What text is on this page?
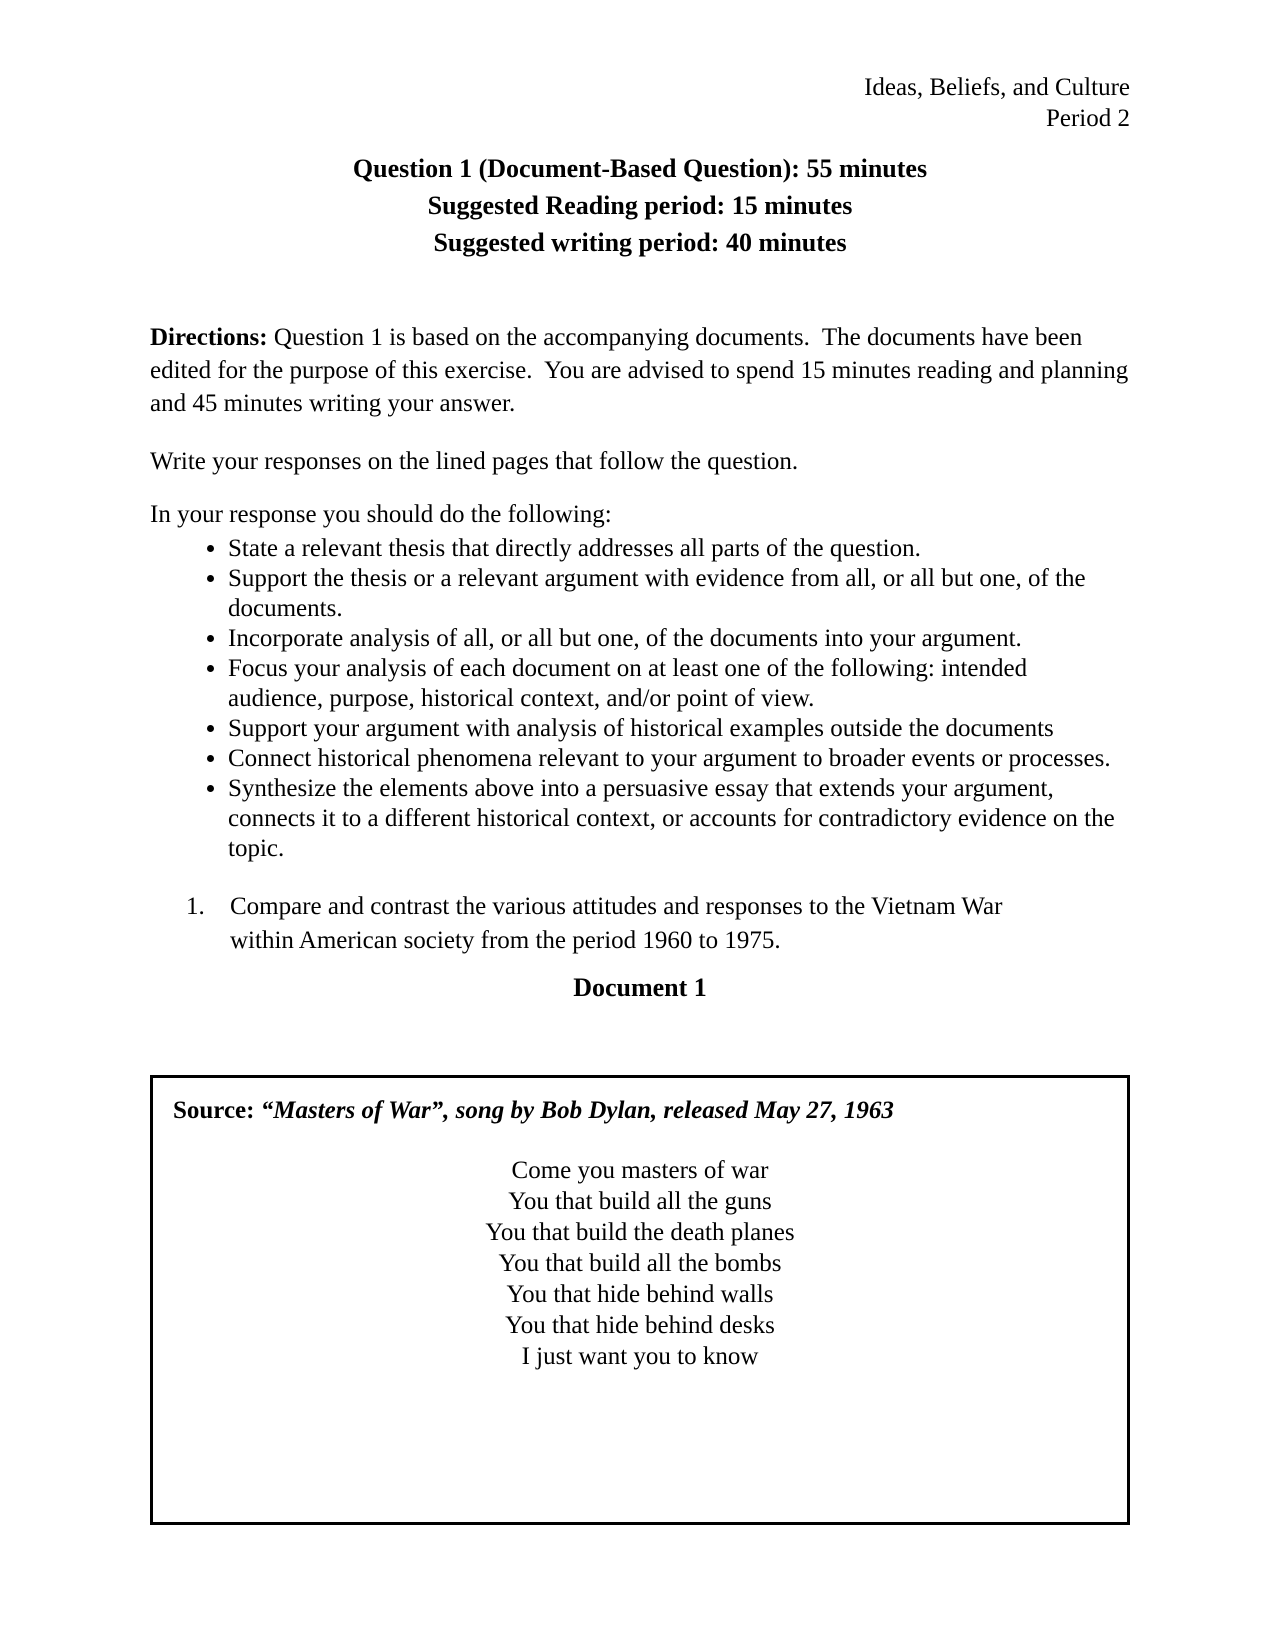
Ideas, Beliefs, and Culture
Period 2
Question 1 (Document-Based Question): 55 minutes
Suggested Reading period: 15 minutes
Suggested writing period: 40 minutes

Directions: Question 1 is based on the accompanying documents.  The documents have been edited for the purpose of this exercise.  You are advised to spend 15 minutes reading and planning and 45 minutes writing your answer.

Write your responses on the lined pages that follow the question.

In your response you should do the following:

• State a relevant thesis that directly addresses all parts of the question.
• Support the thesis or a relevant argument with evidence from all, or all but one, of the documents.
• Incorporate analysis of all, or all but one, of the documents into your argument.
• Focus your analysis of each document on at least one of the following: intended audience, purpose, historical context, and/or point of view.
• Support your argument with analysis of historical examples outside the documents
• Connect historical phenomena relevant to your argument to broader events or processes.
• Synthesize the elements above into a persuasive essay that extends your argument, connects it to a different historical context, or accounts for contradictory evidence on the topic.
1.	Compare and contrast the various attitudes and responses to the Vietnam War within American society from the period 1960 to 1975.
Document 1

Source: “Masters of War”, song by Bob Dylan, released May 27, 1963

Come you masters of war
You that build all the guns
You that build the death planes
You that build all the bombs
You that hide behind walls
You that hide behind desks
I just want you to know
